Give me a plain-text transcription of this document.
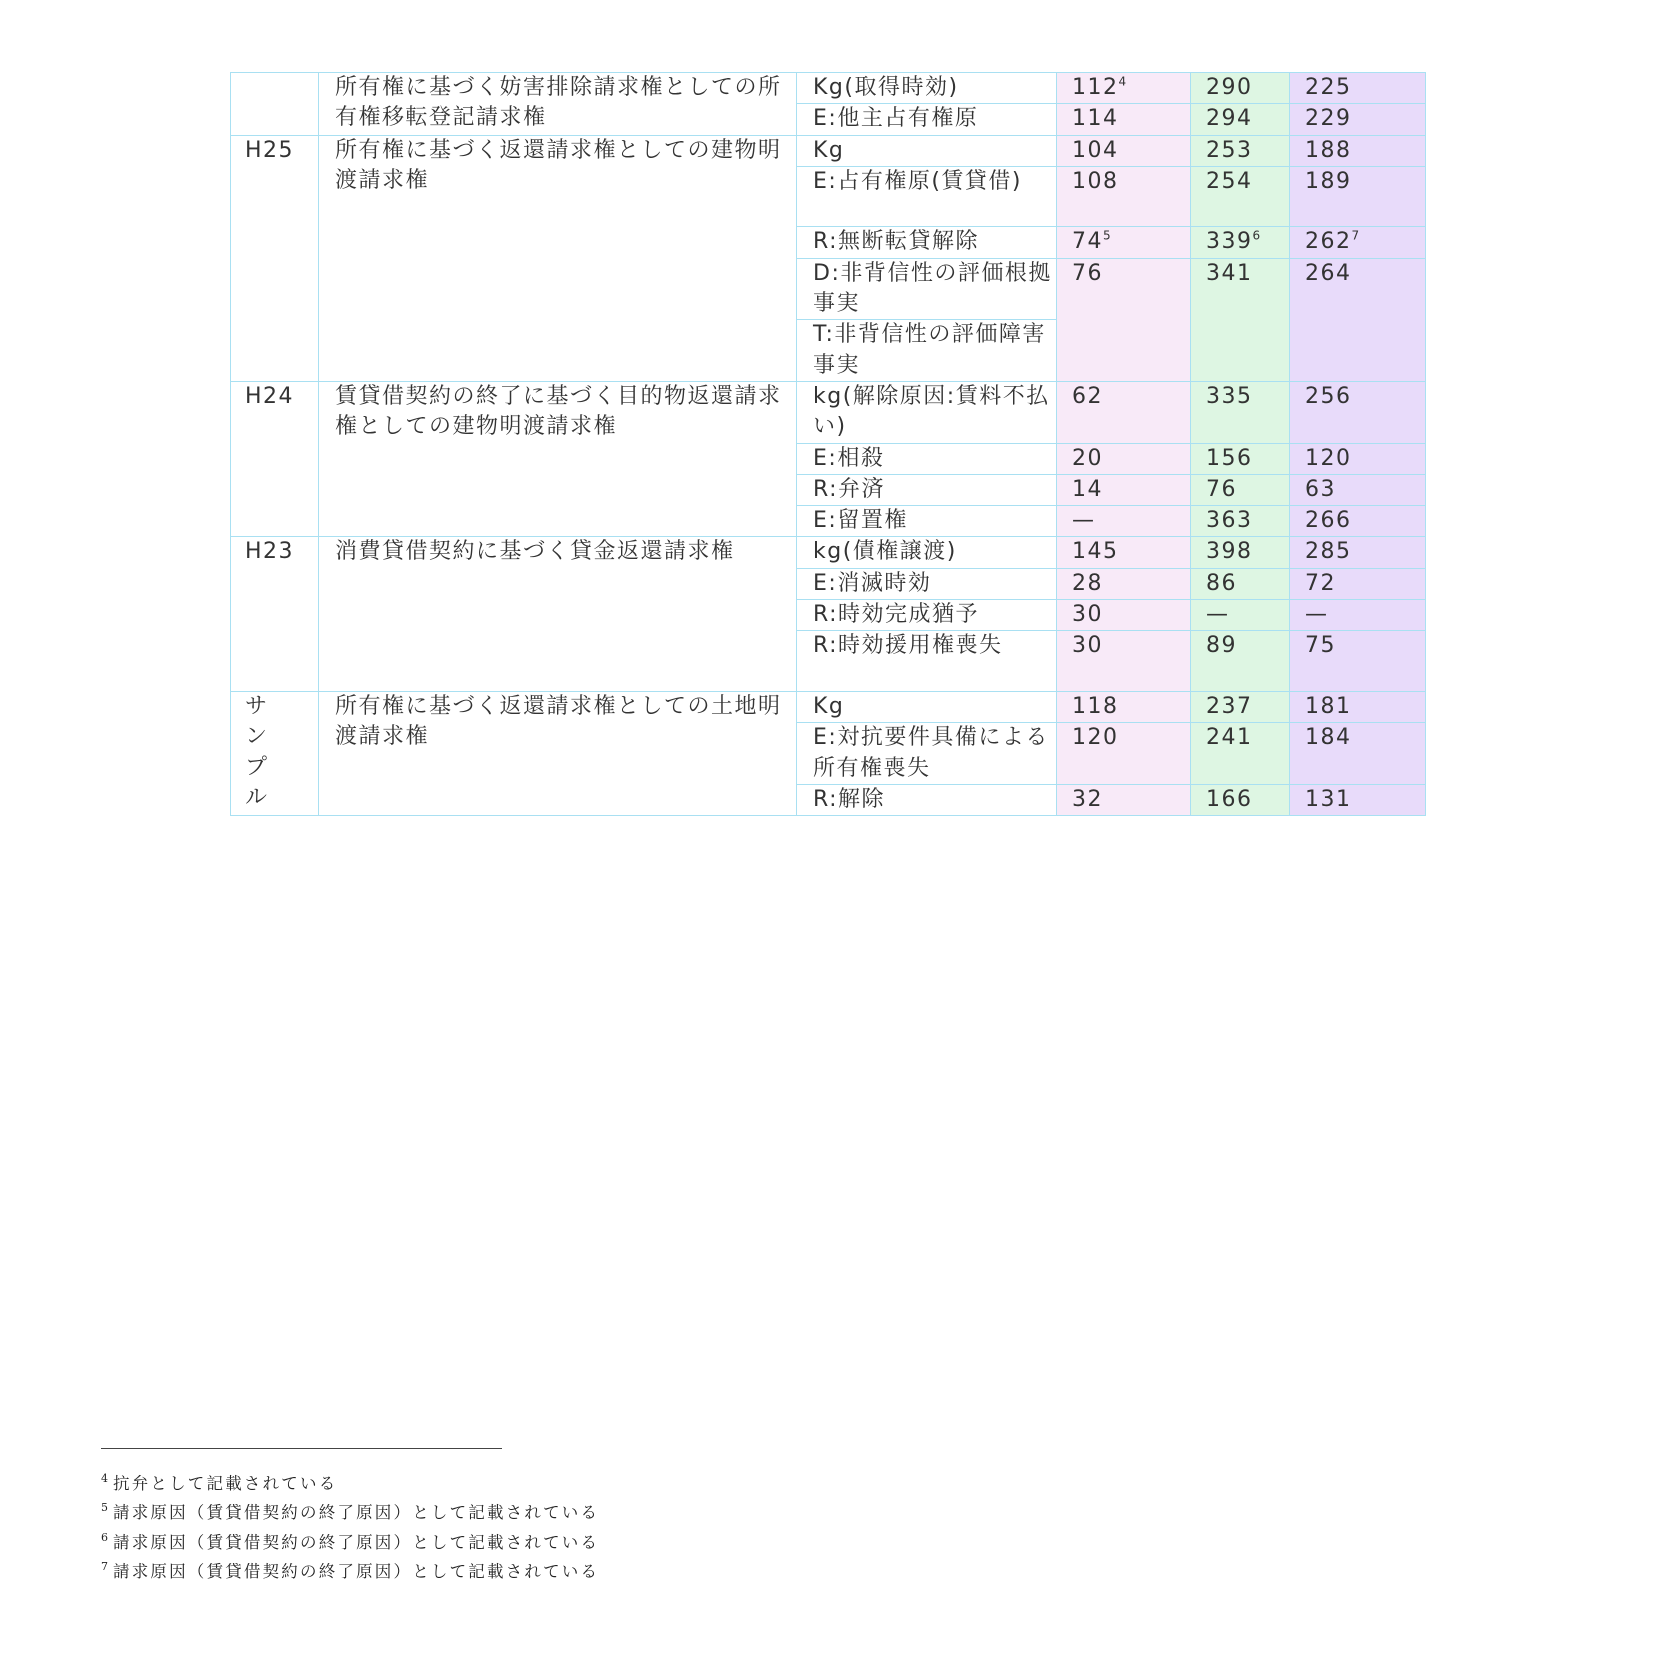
	所有権に基づく妨害排除請求権としての所有権移転登記請求権	Kg(取得時効)	$112^4$	290	225
		E:他主占有権原	114	294	229
H25	所有権に基づく返還請求権としての建物明渡請求権	Kg	104	253	188
		E:占有権原(賃貸借)	108	254	189
		R:無断転貸解除	$74^5$	$339^6$	$262^7$
		D:非背信性の評価根拠事実	76	341	264
		T:非背信性の評価障害事実			

H24	賃貸借契約の終了に基づく目的物返還請求権としての建物明渡請求権	kg(解除原因:賃料不払い)	62	335	256
		E:相殺	20	156	120
		R:弁済	14	76	63
		E:留置権	—	363	266
H23	消費貸借契約に基づく貸金返還請求権	kg(債権譲渡)	145	398	285
		E:消滅時効	28	86	72
		R:時効完成猶予	30	—	—
		R:時効援用権喪失	30	89	75

サンプル	所有権に基づく返還請求権としての土地明渡請求権	Kg	118	237	181
		E:対抗要件具備による所有権喪失	120	241	184
		R:解除	32	166	131
$^4$ 抗弁として記載されている
$^5$ 請求原因（賃貸借契約の終了原因）として記載されている
$^6$ 請求原因（賃貸借契約の終了原因）として記載されている
$^7$ 請求原因（賃貸借契約の終了原因）として記載されている
